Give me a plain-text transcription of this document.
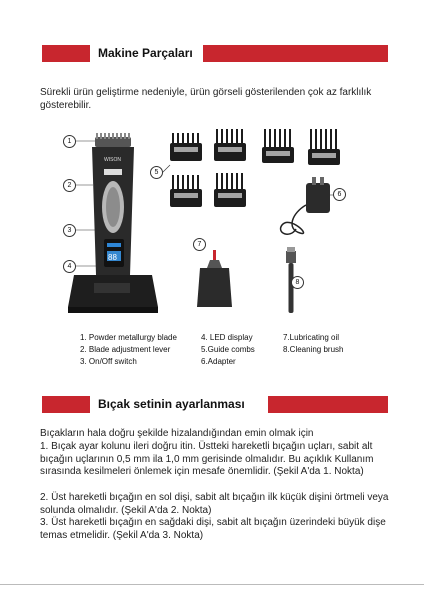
Makine Parçaları
Sürekli ürün geliştirme nedeniyle, ürün görseli gösterilenden çok az farklılık gösterebilir.
WISON
88
1
2
3
4
5
6
7
8
1. Powder metallurgy blade
2. Blade adjustment lever
3. On/Off switch
4. LED display
5.Guide combs
6.Adapter
7.Lubricating oil
8.Cleaning brush
Bıçak setinin ayarlanması
Bıçakların hala doğru şekilde hizalandığından emin olmak için
1. Bıçak ayar kolunu ileri doğru itin. Üstteki hareketli bıçağın uçları, sabit alt bıçağın uçlarının 0,5 mm ila 1,0 mm gerisinde olmalıdır. Bu açıklık Kullanım sırasında kesilmeleri önlemek için mesafe önemlidir. (Şekil A'da 1. Nokta)
2. Üst hareketli bıçağın en sol dişi, sabit alt bıçağın ilk küçük dişini örtmeli veya solunda olmalıdır. (Şekil A'da 2. Nokta)
3. Üst hareketli bıçağın en sağdaki dişi, sabit alt bıçağın üzerindeki büyük dişe temas etmelidir. (Şekil A'da 3. Nokta)
